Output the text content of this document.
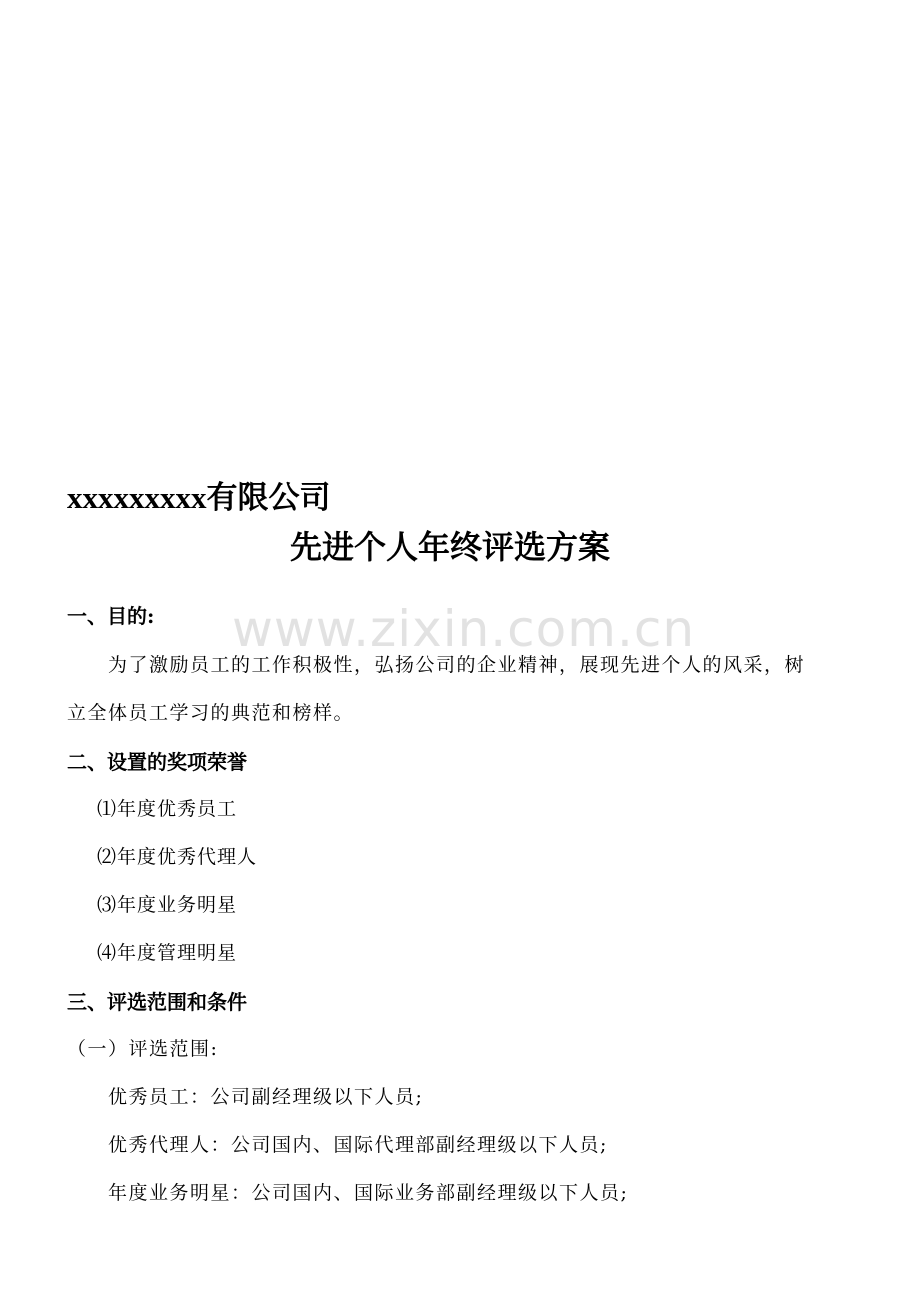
www.zixin.com.cn
xxxxxxxxx有限公司
先进个人年终评选方案
一、目的:
为了激励员工的工作积极性，弘扬公司的企业精神，展现先进个人的风采，树
立全体员工学习的典范和榜样。
二、设置的奖项荣誉
⑴年度优秀员工
⑵年度优秀代理人
⑶年度业务明星
⑷年度管理明星
三、评选范围和条件
（一）评选范围:
优秀员工：公司副经理级以下人员;
优秀代理人：公司国内、国际代理部副经理级以下人员;
年度业务明星：公司国内、国际业务部副经理级以下人员;
